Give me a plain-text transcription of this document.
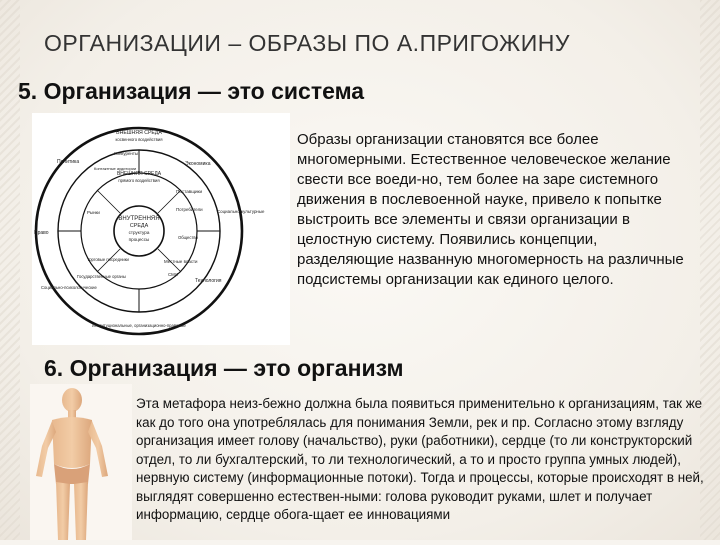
ОРГАНИЗАЦИИ – ОБРАЗЫ ПО А.ПРИГОЖИНУ
5. Организация — это система
ВНЕШНЯЯ СРЕДА
косвенного воздействия
ВНЕШНЯЯ СРЕДА
прямого воздействия
ВНУТРЕННЯЯ
СРЕДА
структура
процессы
Политика	Экономика
Право
Социально-культурные
Социально-психологические
Технология
Институциональные, организационно-правовые
Конкуренты
Поставщики
Потребители
Общество
Рынки
Торговые посредники
Государственные органы
Местные власти
СМИ
Контактные аудитории

Образы организации становятся все более многомерными. Естественное человеческое желание свести все воеди-но, тем более на заре системного движения в послевоенной науке, привело к попытке выстроить все элементы и связи организации в целостную систему. Появились концепции, разделяющие названную многомерность на различные подсистемы организации как единого целого.

6. Организация — это организм

Эта метафора неиз-бежно должна была появиться применительно к организациям, так же как до того она употреблялась для понимания Земли, рек и пр. Согласно этому взгляду организация имеет голову (начальство), руки (работники), сердце (то ли конструкторский отдел, то ли бухгалтерский, то ли технологический, а то и просто группа умных людей), нервную систему (информационные потоки). Тогда и процессы, которые происходят в ней, выглядят совершенно естествен-ными: голова руководит руками, шлет и получает информацию, сердце обога-щает ее инновациями
